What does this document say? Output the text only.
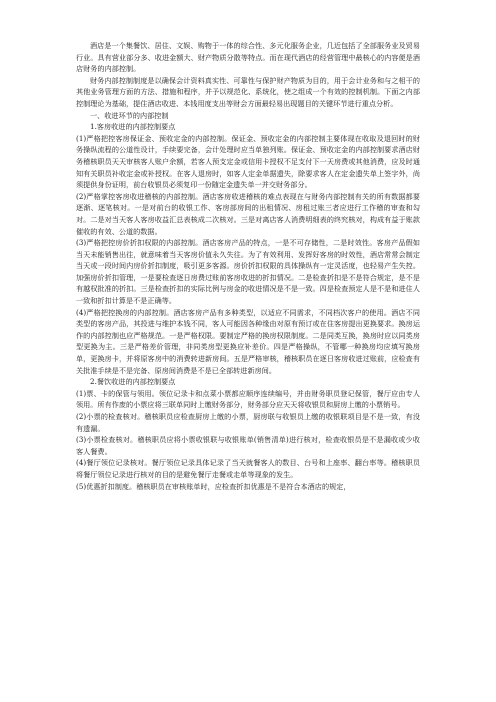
酒店是一个集餐饮、居住、文娱、购物于一体的综合性、多元化服务企业，几近包括了全部服务业及贸易行业。具有营业部分多、收进金额大、财产物质分散等特点。而在现代酒店的经营管理中最核心的内容便是酒店财务的内部控制。

财务内部控制制度是以确保会计资料真实性、可靠性与保护财产物质为目的，用于会计业务和与之相干的其他业务管理方面的方法、措施和程序，并予以规范化、系统化，使之组成一个有效的控制机制。下面之内部控制理论为基础，提住酒店收进、本钱用度支出等财会方面最轻易出现题目的关键环节进行重点分析。

一、收进环节的内部控制

1.客房收进的内部控制要点

(1)严格把控客房保证金、预收定金的内部控制。保证金、预收定金的内部控制主要体现在收取及退回时的财务操纵流程的公道性设计，手续要完备，会计处理时应当单独列账。保证金、预收定金的内部控制要求酒店财务稽核职员天天审核客人账户余额，若客人预支定金或信用卡授权不足支付下一天房费或其他消费，应及时通知有关职员补收定金或补授权。在客人退房时，如客人定金单据遗失，除要求客人在定金遗失单上签字外，尚须提供身份证明，前台收银员必须复印一份随定金遗失单一并交财务部分。

(2)严格掌控客房收进稽核的内部控制。酒店客房收进稽核的难点表现在与财务内部控制有关的所有数据都要逐渐、逐笔核对。一是对前台的收银工作、客房部房间的出租情况、房租过账三者应进行工作稽的审查和勾对。二是对当天客人客房收益汇总表核成二次核对。三是对离店客人消费明细表的终究核对，构成有益于账款催收的有效、公道的数据。

(3)严格把控房价折扣权限的内部控制。酒店客房产品的特点，一是不可存储性，二是时效性。客房产品假如当天未能销售出往，就意味着当天客房价值永久失往。为了有效利用、发挥好客房的时效性，酒店常常会制定当天或一段时间内房价折扣制度，吸引更多客源。房价折扣权限的具体操纵有一定灵活度，也轻易产生失控。加强房价折扣管理，一是要检查逐日房费过账前客房收进的折扣情况。二是检查折扣是不是符合规定，是不是有越权批准的折扣。三是检查折扣的实际比例与房金的收进情况是不是一致。四是检查预定人是不是和进住人一致和折扣计算是不是正确等。

(4)严格把控换房的内部控制。酒店客房产品有多种类型，以适应不同需求，不同档次客户的使用。酒店不同类型的客房产品，其投进与维护本钱不同，客人可能因各种缘由对原有预订或在住客房提出更换要求。换房运作的内部控制也应严格规范。一是严格权限。要制定严格的换房权限制度。二是同类互换，换房时应以同类房型更换为主。三是严格差价管理，非同类房型更换应补差价。四是严格操纵，不管哪一种换房均应填写换房单，更换房卡，并将原客房中的消费转进新房间。五是严格审核，稽核职员在逐日客房收进过账前，应检查有关批准手续是不是完备、原房间消费是不是已全部转进新房间。

2.餐饮收进的内部控制要点

(1)票、卡的保管与领用。领位记录卡和点菜小票都应顺序连续编号，并由财务职员登记保管，餐厅应由专人领用。所有作废的小票应将三联单同时上缴财务部分，财务部分应天天将收银员和厨房上缴的小票销号。

(2)小票的检查核对。稽核职员应检查厨房上缴的小票，厨房联与收银员上缴的收银联项目是不是一致，有没有遗漏。

(3)小票检查核对。稽核职员应将小票收银联与收银账单(销售清单)进行核对，检查收银员是不是漏收或少收客人餐费。

(4)餐厅领位记录核对。餐厅领位记录具体记录了当天就餐客人的数目、台号和上座率、翻台率等。稽核职员将餐厅领位记录进行核对的目的是避免餐厅走餐或走单等现象的发生。

(5)优惠折扣制度。稽核职员在审核账单时，应检查折扣优惠是不是符合本酒店的规定，
